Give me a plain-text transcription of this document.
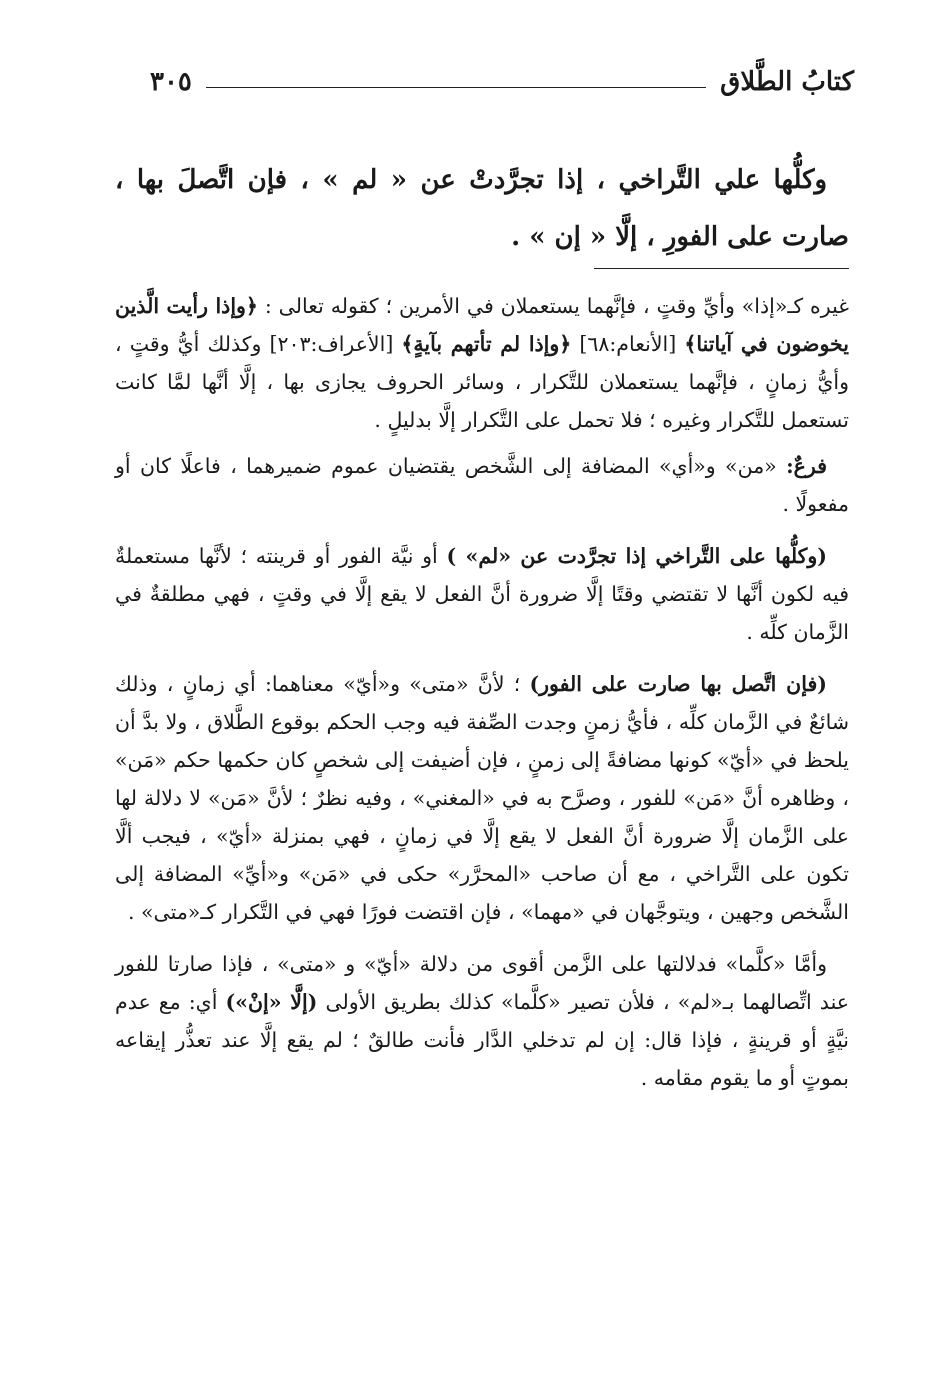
كتابُ الطَّلاق
٣٠٥
وكلُّها علي التَّراخي ، إذا تجرَّدتْ عن « لم » ، فإن اتَّصلَ بها ، صارت على الفورِ ، إلَّا « إن » .

غيره كـ«إذا» وأيِّ وقتٍ ، فإنَّهما يستعملان في الأمرين ؛ كقوله تعالى : ﴿وإذا رأيت الَّذين يخوضون في آياتنا﴾ [الأنعام:٦٨] ﴿وإذا لم تأتهم بآيةٍ﴾ [الأعراف:٢٠٣] وكذلك أيُّ وقتٍ ، وأيُّ زمانٍ ، فإنَّهما يستعملان للتَّكرار ، وسائر الحروف يجازى بها ، إلَّا أنَّها لمَّا كانت تستعمل للتَّكرار وغيره ؛ فلا تحمل على التَّكرار إلَّا بدليلٍ .

فرعٌ: «من» و«أي» المضافة إلى الشَّخص يقتضيان عموم ضميرهما ، فاعلًا كان أو مفعولًا .

(وكلُّها على التَّراخي إذا تجرَّدت عن «لم» ) أو نيَّة الفور أو قرينته ؛ لأنَّها مستعملةٌ فيه لكون أنَّها لا تقتضي وقتًا إلَّا ضرورة أنَّ الفعل لا يقع إلَّا في وقتٍ ، فهي مطلقةٌ في الزَّمان كلِّه .

(فإن اتَّصل بها صارت على الفور) ؛ لأنَّ «متى» و«أيّ» معناهما: أي زمانٍ ، وذلك شائعٌ في الزَّمان كلِّه ، فأيُّ زمنٍ وجدت الصِّفة فيه وجب الحكم بوقوع الطَّلاق ، ولا بدَّ أن يلحظ في «أيّ» كونها مضافةً إلى زمنٍ ، فإن أضيفت إلى شخصٍ كان حكمها حكم «مَن» ، وظاهره أنَّ «مَن» للفور ، وصرَّح به في «المغني» ، وفيه نظرٌ ؛ لأنَّ «مَن» لا دلالة لها على الزَّمان إلَّا ضرورة أنَّ الفعل لا يقع إلَّا في زمانٍ ، فهي بمنزلة «أيّ» ، فيجب ألَّا تكون على التَّراخي ، مع أن صاحب «المحرَّر» حكى في «مَن» و«أيِّ» المضافة إلى الشَّخص وجهين ، ويتوجَّهان في «مهما» ، فإن اقتضت فورًا فهي في التَّكرار كـ«متى» .

وأمَّا «كلَّما» فدلالتها على الزَّمن أقوى من دلالة «أيّ» و «متى» ، فإذا صارتا للفور عند اتِّصالهما بـ«لم» ، فلأن تصير «كلَّما» كذلك بطريق الأولى (إلَّا «إنْ») أي: مع عدم نيَّةٍ أو قرينةٍ ، فإذا قال: إن لم تدخلي الدَّار فأنت طالقٌ ؛ لم يقع إلَّا عند تعذُّر إيقاعه بموتٍ أو ما يقوم مقامه .
